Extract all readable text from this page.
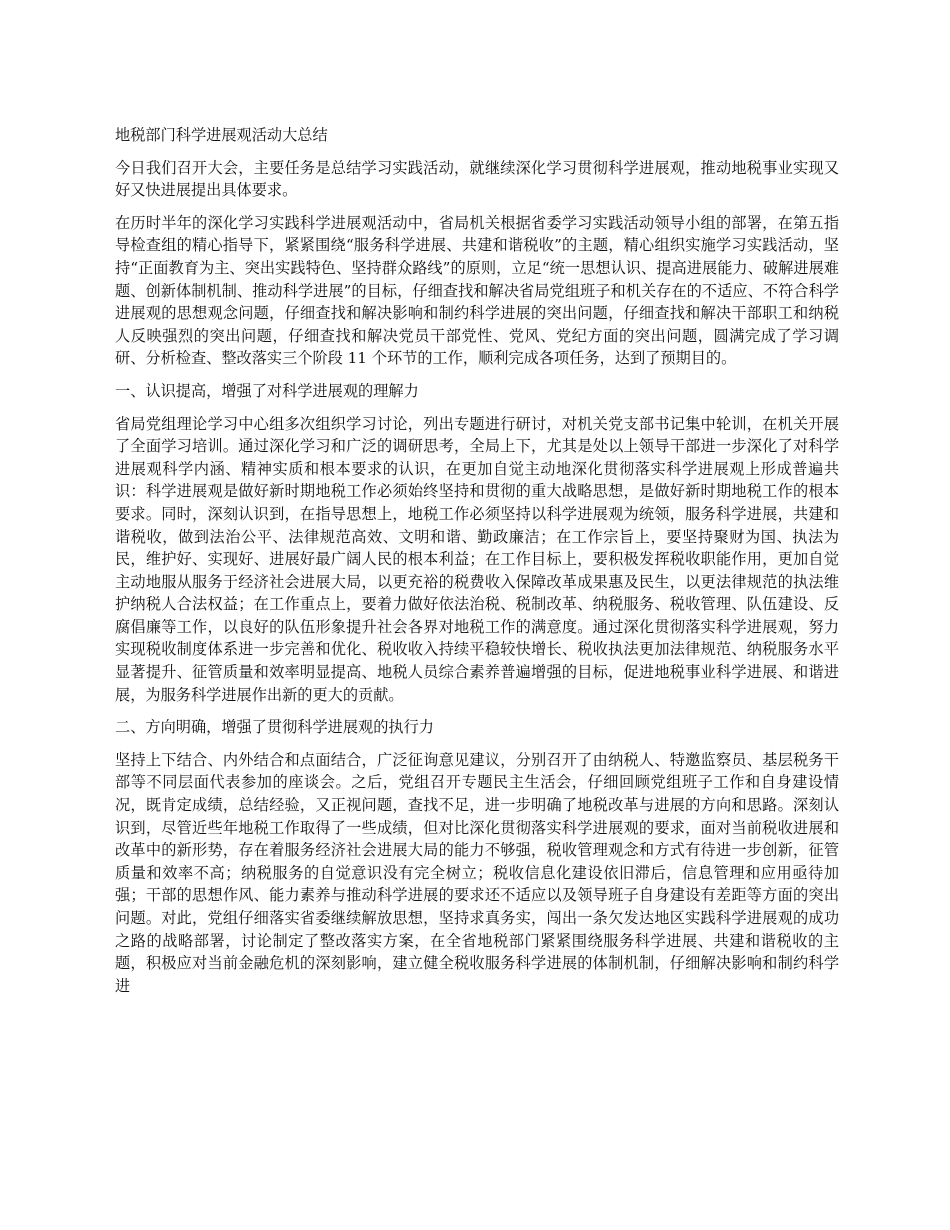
地税部门科学进展观活动大总结

今日我们召开大会，主要任务是总结学习实践活动，就继续深化学习贯彻科学进展观，推动地税事业实现又好又快进展提出具体要求。

在历时半年的深化学习实践科学进展观活动中，省局机关根据省委学习实践活动领导小组的部署，在第五指导检查组的精心指导下，紧紧围绕“服务科学进展、共建和谐税收”的主题，精心组织实施学习实践活动，坚持“正面教育为主、突出实践特色、坚持群众路线”的原则，立足“统一思想认识、提高进展能力、破解进展难题、创新体制机制、推动科学进展”的目标，仔细查找和解决省局党组班子和机关存在的不适应、不符合科学进展观的思想观念问题，仔细查找和解决影响和制约科学进展的突出问题，仔细查找和解决干部职工和纳税人反映强烈的突出问题，仔细查找和解决党员干部党性、党风、党纪方面的突出问题，圆满完成了学习调研、分析检查、整改落实三个阶段 11 个环节的工作，顺利完成各项任务，达到了预期目的。

一、认识提高，增强了对科学进展观的理解力

省局党组理论学习中心组多次组织学习讨论，列出专题进行研讨，对机关党支部书记集中轮训，在机关开展了全面学习培训。通过深化学习和广泛的调研思考，全局上下，尤其是处以上领导干部进一步深化了对科学进展观科学内涵、精神实质和根本要求的认识，在更加自觉主动地深化贯彻落实科学进展观上形成普遍共识：科学进展观是做好新时期地税工作必须始终坚持和贯彻的重大战略思想，是做好新时期地税工作的根本要求。同时，深刻认识到，在指导思想上，地税工作必须坚持以科学进展观为统领，服务科学进展，共建和谐税收，做到法治公平、法律规范高效、文明和谐、勤政廉洁；在工作宗旨上，要坚持聚财为国、执法为民，维护好、实现好、进展好最广阔人民的根本利益；在工作目标上，要积极发挥税收职能作用，更加自觉主动地服从服务于经济社会进展大局，以更充裕的税费收入保障改革成果惠及民生，以更法律规范的执法维护纳税人合法权益；在工作重点上，要着力做好依法治税、税制改革、纳税服务、税收管理、队伍建设、反腐倡廉等工作，以良好的队伍形象提升社会各界对地税工作的满意度。通过深化贯彻落实科学进展观，努力实现税收制度体系进一步完善和优化、税收收入持续平稳较快增长、税收执法更加法律规范、纳税服务水平显著提升、征管质量和效率明显提高、地税人员综合素养普遍增强的目标，促进地税事业科学进展、和谐进展，为服务科学进展作出新的更大的贡献。

二、方向明确，增强了贯彻科学进展观的执行力

坚持上下结合、内外结合和点面结合，广泛征询意见建议，分别召开了由纳税人、特邀监察员、基层税务干部等不同层面代表参加的座谈会。之后，党组召开专题民主生活会，仔细回顾党组班子工作和自身建设情况，既肯定成绩，总结经验，又正视问题，查找不足，进一步明确了地税改革与进展的方向和思路。深刻认识到，尽管近些年地税工作取得了一些成绩，但对比深化贯彻落实科学进展观的要求，面对当前税收进展和改革中的新形势，存在着服务经济社会进展大局的能力不够强，税收管理观念和方式有待进一步创新，征管质量和效率不高；纳税服务的自觉意识没有完全树立；税收信息化建设依旧滞后，信息管理和应用亟待加强；干部的思想作风、能力素养与推动科学进展的要求还不适应以及领导班子自身建设有差距等方面的突出问题。对此，党组仔细落实省委继续解放思想，坚持求真务实，闯出一条欠发达地区实践科学进展观的成功之路的战略部署，讨论制定了整改落实方案，在全省地税部门紧紧围绕服务科学进展、共建和谐税收的主题，积极应对当前金融危机的深刻影响，建立健全税收服务科学进展的体制机制，仔细解决影响和制约科学进
